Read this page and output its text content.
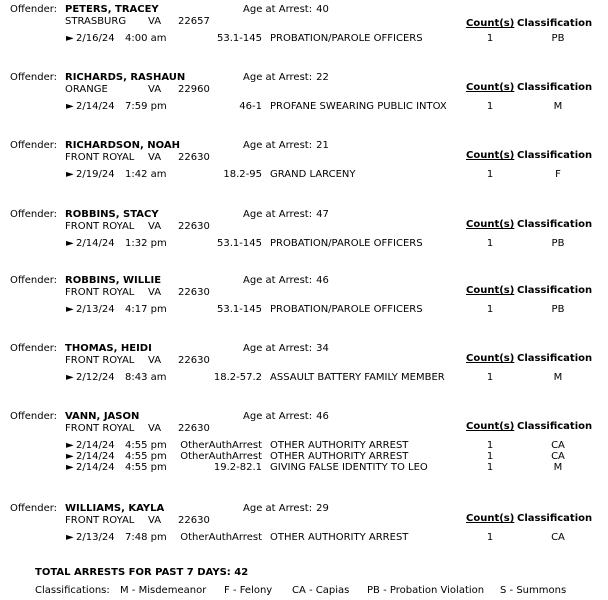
Offender: PETERS, TRACEY	Age at Arrest: 40
STRASBURG VA 22657	Count(s) Classification
► 2/16/24 4:00 am	53.1-145 PROBATION/PAROLE OFFICERS	1	PB
Offender: RICHARDS, RASHAUN	Age at Arrest: 22
ORANGE	VA 22960	Count(s) Classification
► 2/14/24 7:59 pm	46-1 PROFANE SWEARING PUBLIC INTOX	1	M
Offender: RICHARDSON, NOAH	Age at Arrest: 21
FRONT ROYAL VA 22630	Count(s) Classification
► 2/19/24 1:42 am	18.2-95 GRAND LARCENY	1	F
Offender: ROBBINS, STACY	Age at Arrest: 47
FRONT ROYAL VA 22630	Count(s) Classification
► 2/14/24 1:32 pm	53.1-145 PROBATION/PAROLE OFFICERS	1	PB
Offender: ROBBINS, WILLIE	Age at Arrest: 46
FRONT ROYAL VA 22630	Count(s) Classification
► 2/13/24 4:17 pm	53.1-145 PROBATION/PAROLE OFFICERS	1	PB
Offender: THOMAS, HEIDI	Age at Arrest: 34
FRONT ROYAL VA 22630	Count(s) Classification
► 2/12/24 8:43 am	18.2-57.2 ASSAULT BATTERY FAMILY MEMBER	1	M
Offender: VANN, JASON	Age at Arrest: 46
FRONT ROYAL VA 22630	Count(s) Classification
► 2/14/24 4:55 pm	OtherAuthArrest OTHER AUTHORITY ARREST	1	CA
► 2/14/24 4:55 pm	OtherAuthArrest OTHER AUTHORITY ARREST	1	CA
► 2/14/24 4:55 pm	19.2-82.1 GIVING FALSE IDENTITY TO LEO	1	M
Offender: WILLIAMS, KAYLA	Age at Arrest: 29
FRONT ROYAL VA 22630	Count(s) Classification
► 2/13/24 7:48 pm	OtherAuthArrest OTHER AUTHORITY ARREST	1	CA
TOTAL ARRESTS FOR PAST 7 DAYS: 42
Classifications: M - Misdemeanor F - Felony CA - Capias PB - Probation Violation S - Summons
